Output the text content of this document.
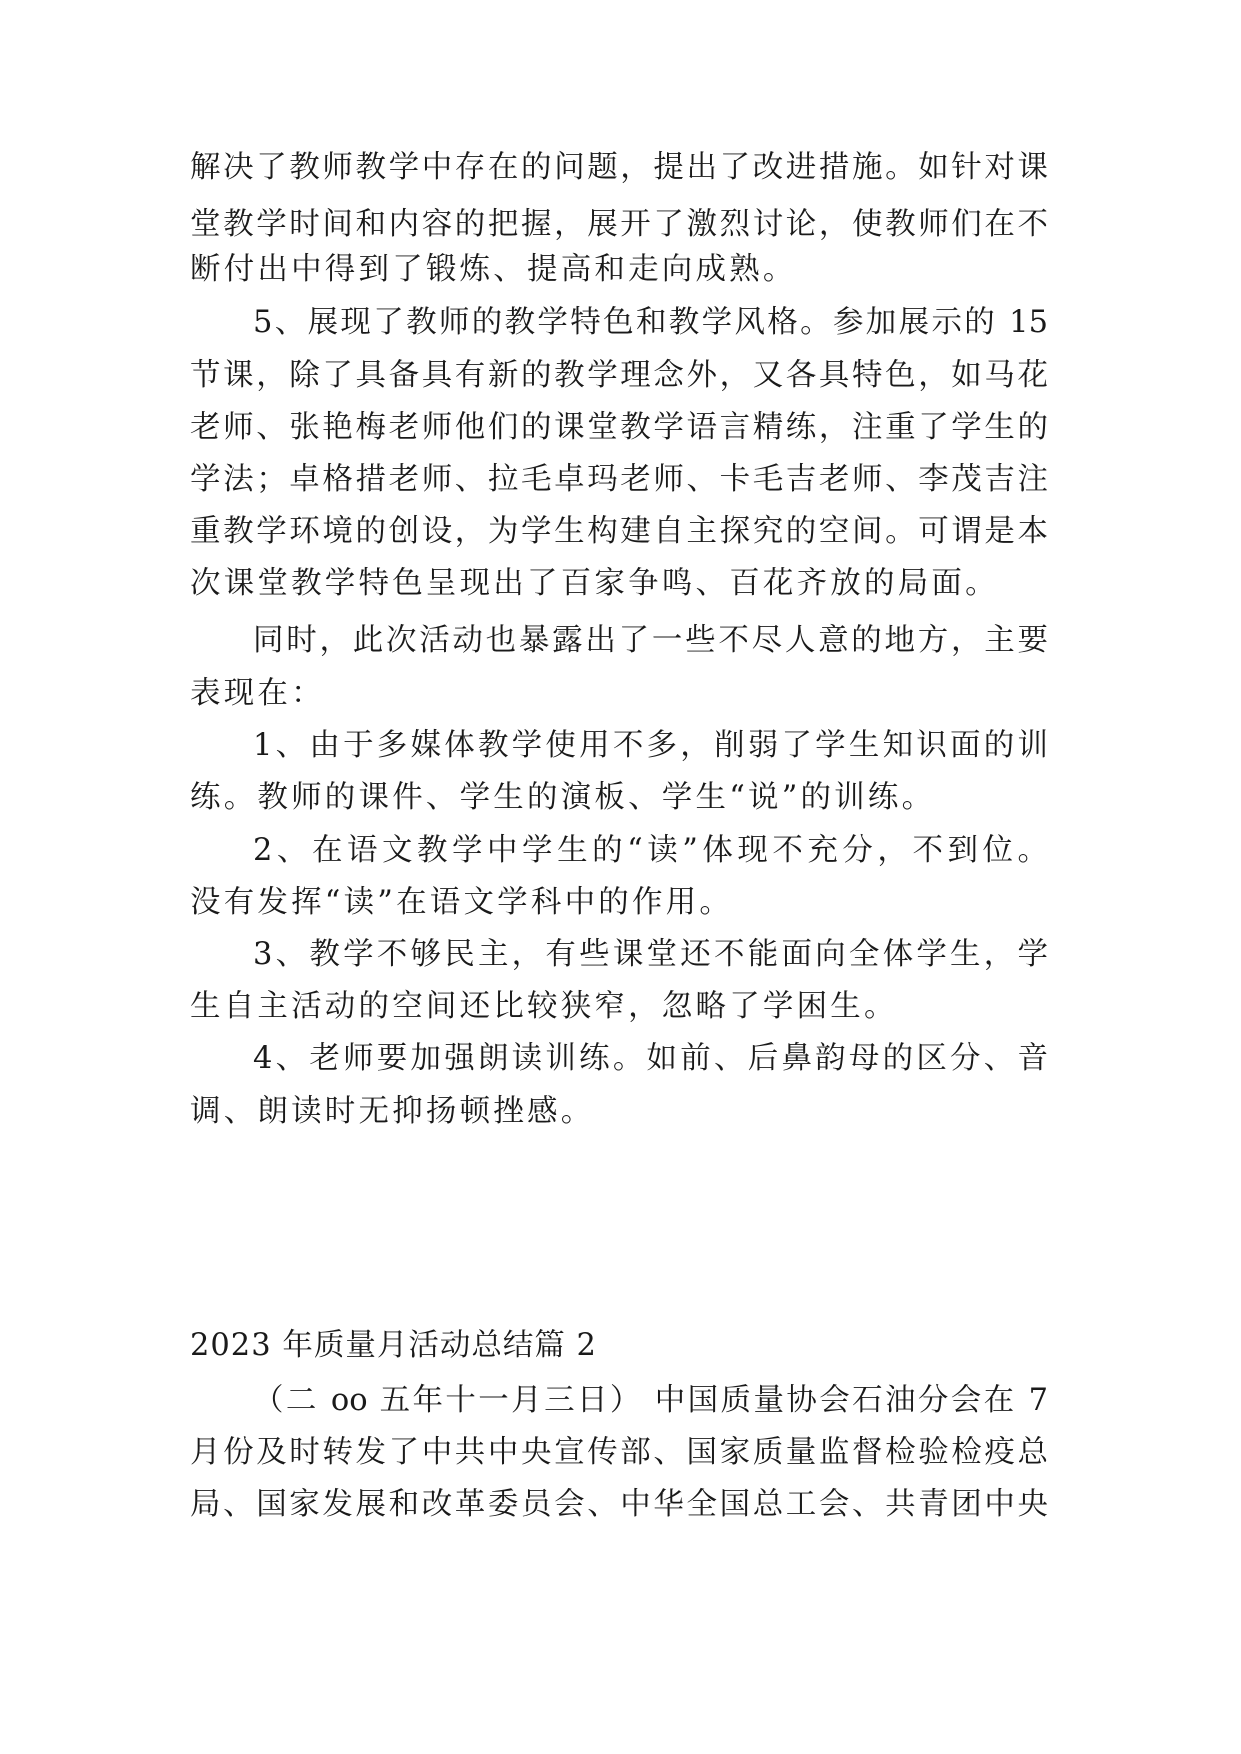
解决了教师教学中存在的问题，提出了改进措施。如针对课
堂教学时间和内容的把握，展开了激烈讨论，使教师们在不
断付出中得到了锻炼、提高和走向成熟。
5、展现了教师的教学特色和教学风格。参加展示的 15
节课，除了具备具有新的教学理念外，又各具特色，如马花
老师、张艳梅老师他们的课堂教学语言精练，注重了学生的
学法；卓格措老师、拉毛卓玛老师、卡毛吉老师、李茂吉注
重教学环境的创设，为学生构建自主探究的空间。可谓是本
次课堂教学特色呈现出了百家争鸣、百花齐放的局面。
同时，此次活动也暴露出了一些不尽人意的地方，主要
表现在：
1、由于多媒体教学使用不多，削弱了学生知识面的训
练。教师的课件、学生的演板、学生“说”的训练。
2、在语文教学中学生的“读”体现不充分，不到位。
没有发挥“读”在语文学科中的作用。
3、教学不够民主，有些课堂还不能面向全体学生，学
生自主活动的空间还比较狭窄，忽略了学困生。
4、老师要加强朗读训练。如前、后鼻韵母的区分、音
调、朗读时无抑扬顿挫感。
2023 年质量月活动总结篇 2
（二 oo 五年十一月三日） 中国质量协会石油分会在 7
月份及时转发了中共中央宣传部、国家质量监督检验检疫总
局、国家发展和改革委员会、中华全国总工会、共青团中央
